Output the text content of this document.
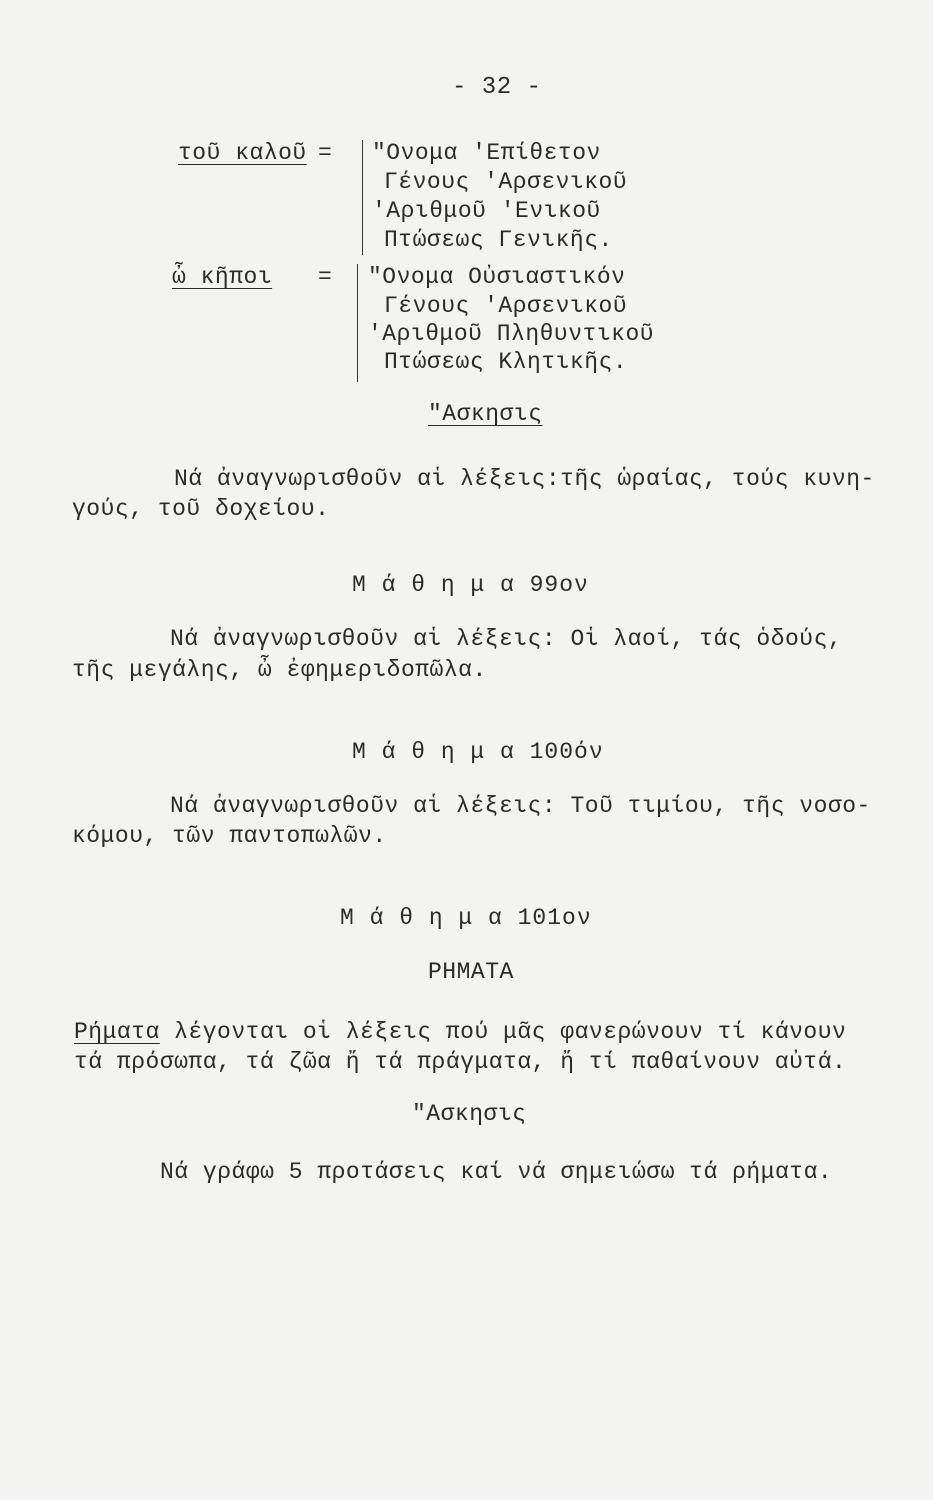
- 32 -
τοῦ καλοῦ = "Ονομα 'Επίθετον
Γένους 'Αρσενικοῦ
'Αριθμοῦ 'Ενικοῦ
Πτώσεως Γενικῆς.
ὦ κῆποι = "Ονομα Οὐσιαστικόν
Γένους 'Αρσενικοῦ
'Αριθμοῦ Πληθυντικοῦ
Πτώσεως Κλητικῆς.
"Ασκησις
Νά ἀναγνωρισθοῦν αἱ λέξεις:τῆς ὡραίας, τούς κυνη-
γούς, τοῦ δοχείου.
Μ ά θ η μ α 99ον
Νά ἀναγνωρισθοῦν αἱ λέξεις: Οἱ λαοί, τάς ὁδούς,
τῆς μεγάλης, ὦ ἐφημεριδοπῶλα.
Μ ά θ η μ α 100όν
Νά ἀναγνωρισθοῦν αἱ λέξεις: Τοῦ τιμίου, τῆς νοσο-
κόμου, τῶν παντοπωλῶν.
Μ ά θ η μ α 101ον
ΡΗΜΑΤΑ
Ρήματα λέγονται οἱ λέξεις πού μᾶς φανερώνουν τί κάνουν
τά πρόσωπα, τά ζῶα ἤ τά πράγματα, ἤ τί παθαίνουν αὐτά.
"Ασκησις
Νά γράφω 5 προτάσεις καί νά σημειώσω τά ρήματα.
